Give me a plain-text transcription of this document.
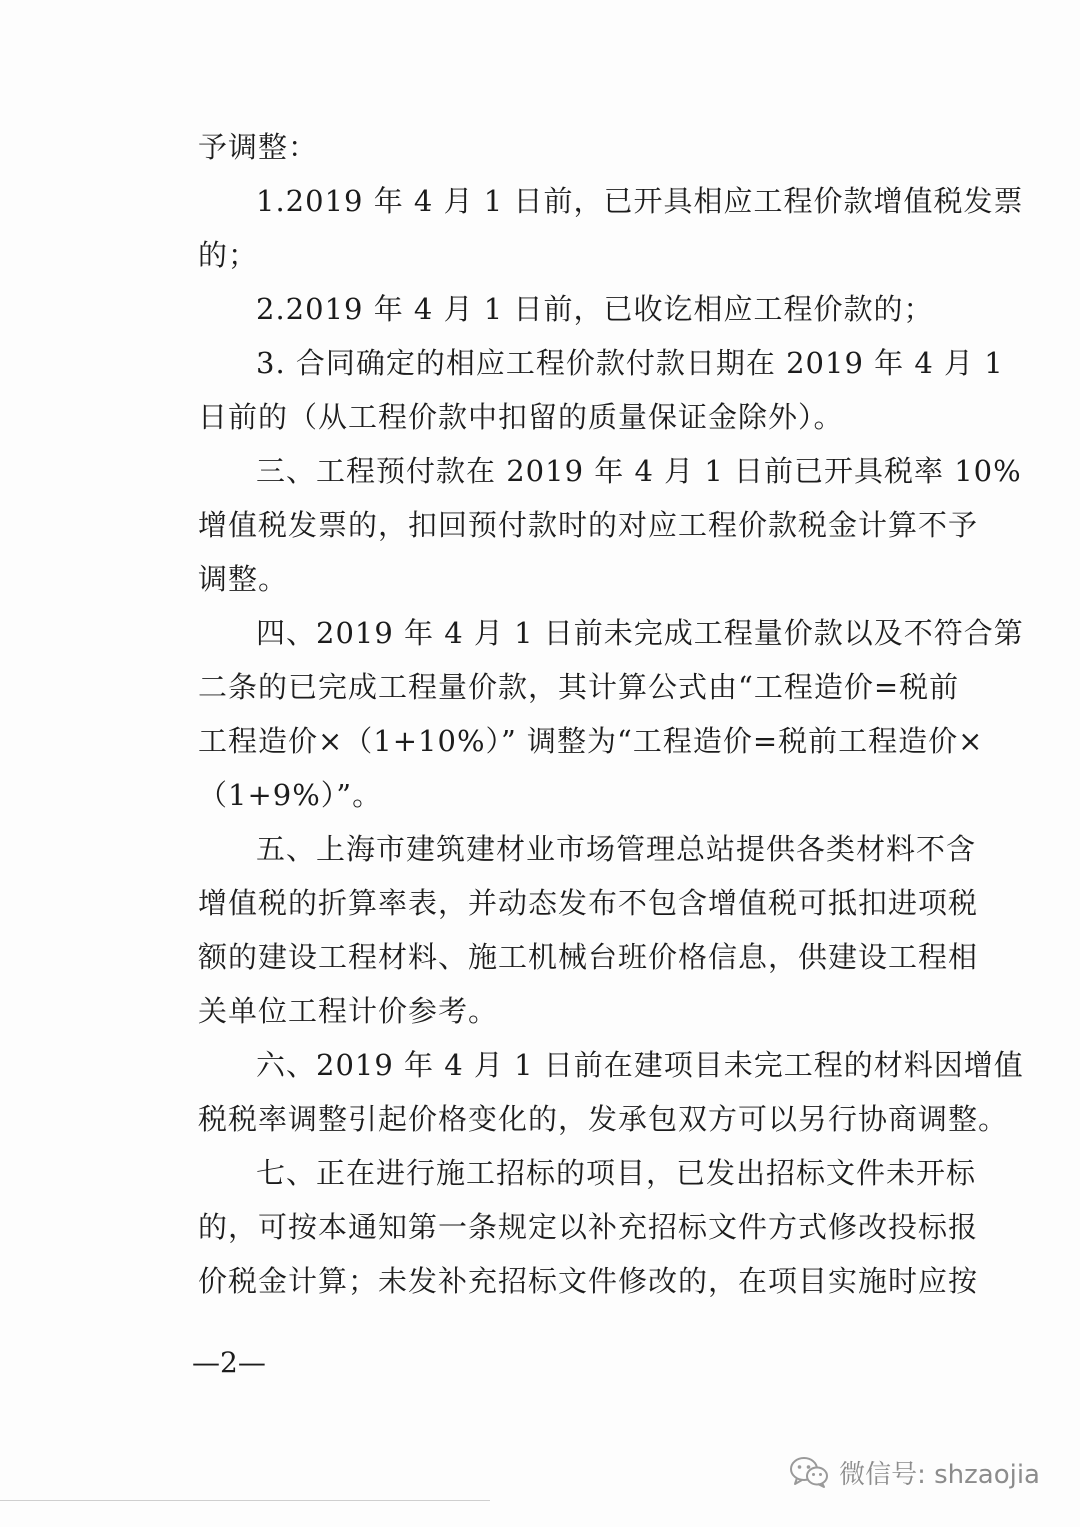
予调整：
1.2019 年 4 月 1 日前，已开具相应工程价款增值税发票
的；
2.2019 年 4 月 1 日前，已收讫相应工程价款的；
3. 合同确定的相应工程价款付款日期在 2019 年 4 月 1
日前的（从工程价款中扣留的质量保证金除外）。
三、工程预付款在 2019 年 4 月 1 日前已开具税率 10%
增值税发票的，扣回预付款时的对应工程价款税金计算不予
调整。
四、2019 年 4 月 1 日前未完成工程量价款以及不符合第
二条的已完成工程量价款，其计算公式由“工程造价=税前
工程造价×（1+10%）” 调整为“工程造价=税前工程造价×
（1+9%）”。
五、上海市建筑建材业市场管理总站提供各类材料不含
增值税的折算率表，并动态发布不包含增值税可抵扣进项税
额的建设工程材料、施工机械台班价格信息，供建设工程相
关单位工程计价参考。
六、2019 年 4 月 1 日前在建项目未完工程的材料因增值
税税率调整引起价格变化的，发承包双方可以另行协商调整。
七、正在进行施工招标的项目，已发出招标文件未开标
的，可按本通知第一条规定以补充招标文件方式修改投标报
价税金计算；未发补充招标文件修改的，在项目实施时应按
—2—
微信号: shzaojia
